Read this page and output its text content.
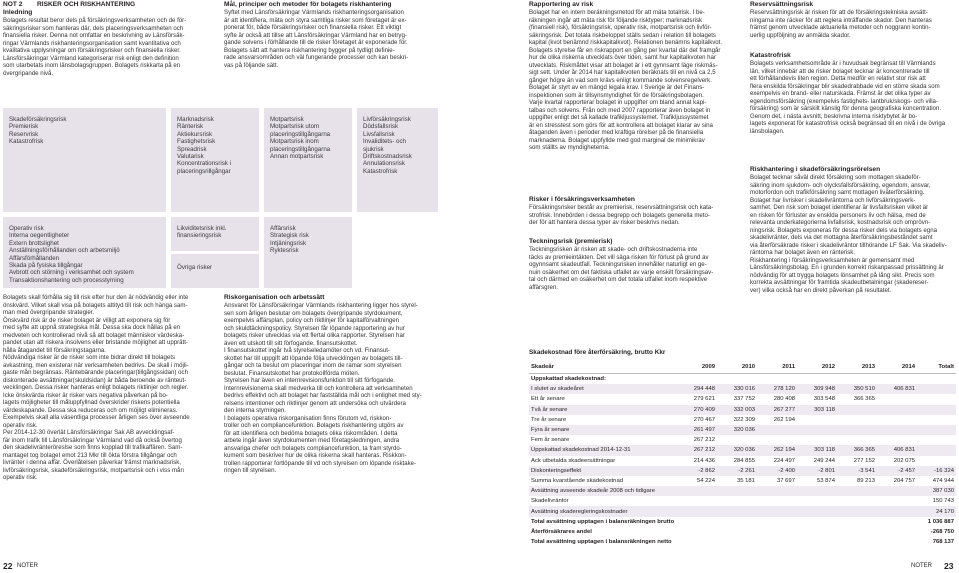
NOT 2 RISKER OCH RISKHANTERING
Inledning
Bolagets resultat beror dels på försäkringsverksamheten och de för-
säkringsrisker som hanteras där, dels placeringsverksamheten och
finansiella risker. Denna not omfattar en beskrivning av Länsförsäk-
ringar Värmlands riskhanteringsorganisation samt kvantitativa och
kvalitativa upplysningar om försäkringsrisker och finansiella risker.
Länsförsäkringar Värmland kategoriserar risk enligt den definition
som utarbetats inom länsbolagsgruppen. Bolagets riskkarta på en
övergripande nivå.
Skadeförsäkringsrisk
Premierisk
Reservrisk
Katastrofrisk
Marknadsrisk
Ränterisk
Aktiekursrisk
Fastighetsrisk
Spreadrisk
Valutarisk
Koncentrationsrisk i
placeringsrillgångar
Motpartsrisk
Motpartsrisk utom
placeringstillgångarna
Motpartsrisk inom
placeringstillgångarna
Annan motpartsrisk
Livförsäkringsrisk
Dödsfallsrisk
Livsfallsrisk
Invaliditets- och
sjukrisk
Driftskostnadsrisk
Annulationsrisk
Katastrofrisk
Operativ risk
Interna oegentligheter
Extern brottslighet
Anställningsförhållanden och arbetsmiljö
Affärsförhållanden
Skada på fysiska tillgångar
Avbrott och störning i verksamhet och system
Transaktionshantering och processtyrning
Likviditetsrisk inkl.
finansieringsrisk
Övriga risker
Affärsrisk
Strategisk risk
Intjäningsrisk
Ryktesrisk
Bolagets skall förhålla sig till risk efter hur den är nödvändig eller inte
önskvärd. Vilket skall visa på bolagets attityd till risk och hänga sam-
man med övergripande strategier.
Önskvärd risk är de risker bolaget är villigt att exponera sig för
med syfte att uppnå strategiska mål. Dessa ska dock hållas på en
medveten och kontrollerad nivå så att bolaget människor värdeska-
pandet utan att riskera insolvens eller bristande möjlighet att upprätt-
hålla åtagandet till försäkringstagarna.
Nödvändiga risker är de risker som inte bidrar direkt till bolagets
avkastning, men existerar när verksamheten bedrivs. De skall i möjli-
gaste mån begränsas. Räntebärande placeringar(tillgångssidan) och
diskonterade avsättningar(skuldsidan) är båda beroende av ränteut-
vecklingen. Dessa risker hanteras enligt bolagets riktlinjer och regler.
Icke önskvärda risker är risker vars negativa påverkan på bo-
lagets möjligheter till måluppfyllnad överskrider riskens potentiella
värdeskapande. Dessa ska reduceras och om möjligt elimineras.
Exempelvis skall alla väsentliga processer årligen ses över avseende
operativ risk.
Per 2014-12-30 överlät Länsförsäkringar Sak AB avvecklingsaf-
fär inom trafik till Länsförsäkringar Värmland vad då också övertog
den skadelivränteröreslse som finns kopplad till trafikaffären. Sam-
mantaget tog bolaget emot 213 Mkr till ökta förstra tillgångar och
livränter i denna affär. Överlåtelsen påverkar främst marknadsrisk,
livförsäkringsrisk, skadeförsäkringsrisk, motpartsrisk och i viss mån
operativ risk.
Mål, principer och metoder för bolagets riskhantering
Syftet med Länsförsäkringar Värmlands riskhanteringsorganisation
är att identifiera, mäta och styra samtliga risker som företaget är ex-
ponerat för, både försäkringsrisker och finansiella risker. Ett viktigt
syfte är också att tillse att Länsförsäkringar Värmland har en betryg-
gande solvens i förhållande till de risker företaget är exponerade för.
Bolagets sätt att hantera riskhantering bygger på tydligt definie-
rade ansvarsområden och väl fungerande processer och kan beskri-
vas på följande sätt.
Riskorganisation och arbetssätt
Ansvaret för Länsförsäkringar Värmlands riskhantering ligger hos styrel-
sen som årligen beslutar om bolagets övergripande styrdokument,
exempelvis affärsplan, policy och riktlinjer för kapitalförvaltningen
och skuldtäckningspolicy. Styrelsen får löpande rapportering av hur
bolagets risker utvecklas via ett flertal olika rapporter. Styrelsen har
även ett utskott till sitt förfogande, finansutskottet.
I finansutskottet ingår två styrelseledamöter och vd. Finansut-
skottet har till uppgift att löpande följa utvecklingen av bolagets till-
gångar och ta beslut om placeringar inom de ramar som styrelsen
beslutat. Finansutskottet har protokollförda möten.
Styrelsen har även en internrevisionsfunktion till sitt förfogande.
Internrevisionerna skall medverka till och kontrollera att verksamheten
bedrivs effektivt och att bolaget har fastställda mål och i enlighet med sty-
relsens intentioner och riktlinjer genom att undersöka och utvärdera
den interna styrningen.
I bolagets operativa riskorganisation finns förutom vd, riskkon-
troller och en compliancefunktion. Bolagets riskhantering utgörs av
för att identifiera och bedöma bolagets olika riskområden. I detta
arbete ingår även styrdokumenten med företagsledningen, andra
ansvariga chefer och bolagets compliancefunktion, ta fram styrdo-
kument som beskriver hur de olika riskerna skall hanteras. Riskkon-
trollen rapporterar fortlöpande till vd och styrelsen om löpande risktake-
ringen till styrelsen.
Rapportering av risk
Bolaget har en intern beräkningsmetod för att mäta totalrisk. I be-
räkningen ingår att mäta risk för följande risktyper; marknadsrisk
(finansiell risk), försäkringsrisk, operativ risk, motpartsrisk och livför-
säkringsrisk. Det totala riskbeloppet ställs sedan i relation till bolagets
kapital (kvot benämnd riskkapitalkvot). Relationen benämns kapitalkvot.
Bolagets styrelse får en riskrapport en gång per kvartal där det framgår
hur de olika riskerna utvecklats över tiden, samt hur kapitalkvoten har
utvecklats. Riskmåttet visar att bolaget är i ett gynnsamt läge riskmäs-
sigt sett. Under år 2014 har kapitalkvoten beräknats till en nivå ca 2,5
gånger högre än vad som krävs enligt kommande solvensregelverk.
Bolaget är styrt av en mängd legala krav. I Sverige är det Finans-
inspektionen som är tillsynsmyndighet för de försäkringsbolagen.
Varje kvartal rapporterar bolaget in uppgifter om bland annat kapi-
talbas och solvens. Från och med 2007 rapporterar även bolaget in
uppgifter enligt det så kallade trafikljussystemet. Trafikljussystemet
är en stresstest som görs för att kontrollera att bolaget klarar av sina
åtaganden även i perioder med kraftiga rörelser på de finansiella
marknaderna. Bolaget uppfyllde med god marginal de minimikrav
som ställts av myndigheterna.
Risker i försäkringsverksamheten
Försäkringsrisker består av premierisk, reservsättningsrisk och kata-
strofrisk. Innebörden i dessa begrepp och bolagets generella meto-
der för att hantera dessa typer av risker beskrivs nedan.
Teckningsrisk (premierisk)
Teckningsrisken är risken att skade- och driftskostnaderna inte
täcks av premieintäkten. Det vill säga risken för förlust på grund av
ogynnsamt skadeutfall. Teckningsrisken innehåller naturligt en ge-
nuin osäkerhet om det faktiska utfallet av varje enskilt försäkringsav-
tal och därmed en osäkerhet om det totala utfallet inom respektive
affärsgren.
Reservsättningsrisk
Reservsättningsrisk är risken för att de försäkringstekniska avsätt-
ningarna inte räcker för att reglera inträffande skador. Den hanteras
främst genom utvecklade aktuariella metoder och noggrann kontin-
uerlig uppföljning av anmälda skador.
Katastrofrisk
Bolagets verksamhetsområde är i huvudsak begränsat till Värmlands
län, vilket innebär att de risker bolaget tecknar är koncentrerade till
ett förhållandevis liten region. Detta medför en relativt stor risk att
flera enskilda försäkringar blir skadedrabbade vid en större skada som
exempelvis en brand- eller naturskada. Främst är det olika typer av
egendomsförsäkring (exempelvis fastighets- lantbruk/skogs- och villa-
försäkring) som är särskilt känslig för denna geografiska koncentration.
Genom det, i nästa avsnitt, beskrivna interna risktybytet är bo-
lagets exponerat för katastrofrisk också begränsad till en nivå i de övriga
länsbolagen.
Riskhantering i skadeförsäkringsrörelsen
Bolaget tecknar såväl direkt försäkring som mottagen skadeför-
säkring inom sjukdom- och olycksfallsförsäkring, egendom, ansvar,
motorfordon och trafikförsäkring samt mottagen liväterförsäkring.
Bolaget har livrisker i skadelivräntorna och livförsäkringsverk-
samhet. Den risk som bolaget identifierar är livsfallsrisken vilket är
en risken för förluster av ensklda personers liv och hälsa, med de
relevanta underkategorierna livfallsrisk, kostnadsrisk och omprövn-
ningsrisk. Bolagets exponeras för dessa risker dels via bolagets egna
skadelivränter, dels via det mottagna återförsäkringsbeståndet samt
via återförsäkrade risker i skadelivräntor tillhörande LF Sak. Via skadeliv-
räntorna har bolaget även en ränterisk.
Riskhantering i försäkringsverksamheten är gemensamt med
Länsförsäkringsbolag. En i grunden korrekt riskanpassad prissättning är
nödvändig för att trygga bolagets lönsamhet på lång sikt. Precis som
korrekta avsättningar för framtida skadeutbetalningar (skadereser-
ver) vilka också har en direkt påverkan på resultatet.
Skadekostnad före återförsäkring, brutto Kkr
Skadeår	2009	2010	2011	2012	2013	2014	Totalt
Uppskattad skadekostnad:							
I slutet av skadeåret	294 448	330 016	278 120	309 948	350 510	406 831	
Ett år senare	279 621	337 752	280 408	303 548	366 365		
Två år senare	270 409	332 003	267 277	303 118			
Tre år senare	270 467	322 309	262 194				
Fyra år senare	261 497	320 036					
Fem år senare	267 212						
Uppskattad skadekostnad 2014-12-31	267 212	320 036	262 194	303 118	366 365	406 831	
Ack utbetalda skadeersättningar	214 436	284 855	224 497	249 244	277 152	202 075	
Diskonteringseffekt	-2 862	-2 261	-2 400	-2 801	-3 541	-2 457	-16 324
Summa kvarstående skadekostnad	54 224	35 181	37 697	53 874	89 213	204 757	474 944
Avsättning avseende skadeår 2008 och tidigare							387 030
Skadelivräntor							150 743
Avsättning skaderegleringskostnader							24 170
Total avsättning upptagen i balansräkningen brutto							1 036 887
Återförsäkrares andel							-268 750
Total avsättning upptagen i balansräkningen netto							768 137
22 NOTER	NOTER 23
